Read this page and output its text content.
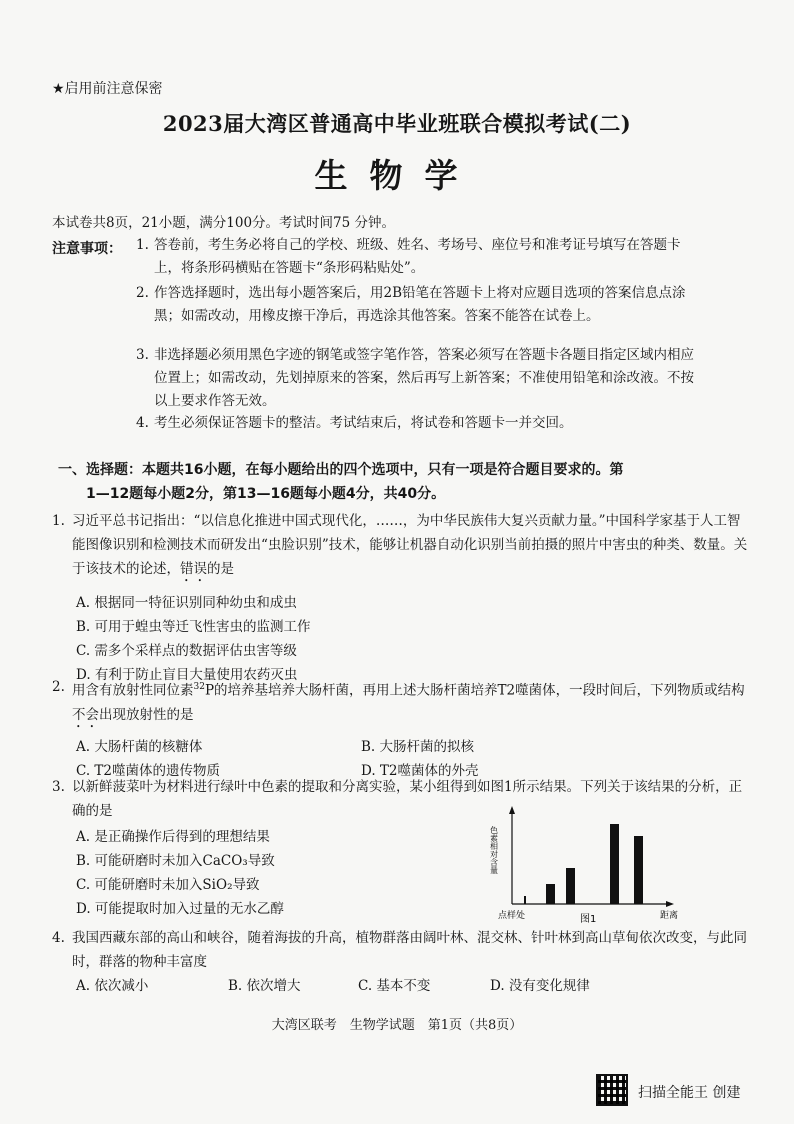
★启用前注意保密
2023届大湾区普通高中毕业班联合模拟考试(二)
生物学
本试卷共8页，21小题，满分100分。考试时间75 分钟。
注意事项： 1. 答卷前，考生务必将自己的学校、班级、姓名、考场号、座位号和准考证号填写在答题卡上，将条形码横贴在答题卡“条形码粘贴处”。
2. 作答选择题时，选出每小题答案后，用2B铅笔在答题卡上将对应题目选项的答案信息点涂黑；如需改动，用橡皮擦干净后，再选涂其他答案。答案不能答在试卷上。
3. 非选择题必须用黑色字迹的钢笔或签字笔作答，答案必须写在答题卡各题目指定区域内相应位置上；如需改动，先划掉原来的答案，然后再写上新答案；不准使用铅笔和涂改液。不按以上要求作答无效。
4. 考生必须保证答题卡的整洁。考试结束后，将试卷和答题卡一并交回。
一、选择题：本题共16小题，在每小题给出的四个选项中，只有一项是符合题目要求的。第
1—12题每小题2分，第13—16题每小题4分，共40分。
1. 习近平总书记指出：“以信息化推进中国式现代化，……，为中华民族伟大复兴贡献力量。”中国科学家基于人工智能图像识别和检测技术而研发出“虫脸识别”技术，能够让机器自动化识别当前拍摄的照片中害虫的种类、数量。关于该技术的论述，错误的是
A. 根据同一特征识别同种幼虫和成虫
B. 可用于蝗虫等迁飞性害虫的监测工作
C. 需多个采样点的数据评估虫害等级
D. 有利于防止盲目大量使用农药灭虫
2. 用含有放射性同位素$^{32}$P的培养基培养大肠杆菌，再用上述大肠杆菌培养T2噬菌体，一段时间后，下列物质或结构不会出现放射性的是
A. 大肠杆菌的核糖体	B. 大肠杆菌的拟核
C. T2噬菌体的遗传物质	D. T2噬菌体的外壳
3. 以新鲜菠菜叶为材料进行绿叶中色素的提取和分离实验，某小组得到如图1所示结果。下列关于该结果的分析，正确的是
A. 是正确操作后得到的理想结果
B. 可能研磨时未加入CaCO₃导致
C. 可能研磨时未加入SiO₂导致
D. 可能提取时加入过量的无水乙醇
色素相对含量
点样处	距离
图1
4. 我国西藏东部的高山和峡谷，随着海拔的升高，植物群落由阔叶林、混交林、针叶林到高山草甸依次改变，与此同时，群落的物种丰富度
A. 依次减小	B. 依次增大	C. 基本不变	D. 没有变化规律
大湾区联考　生物学试题　第1页（共8页）
扫描全能王 创建
